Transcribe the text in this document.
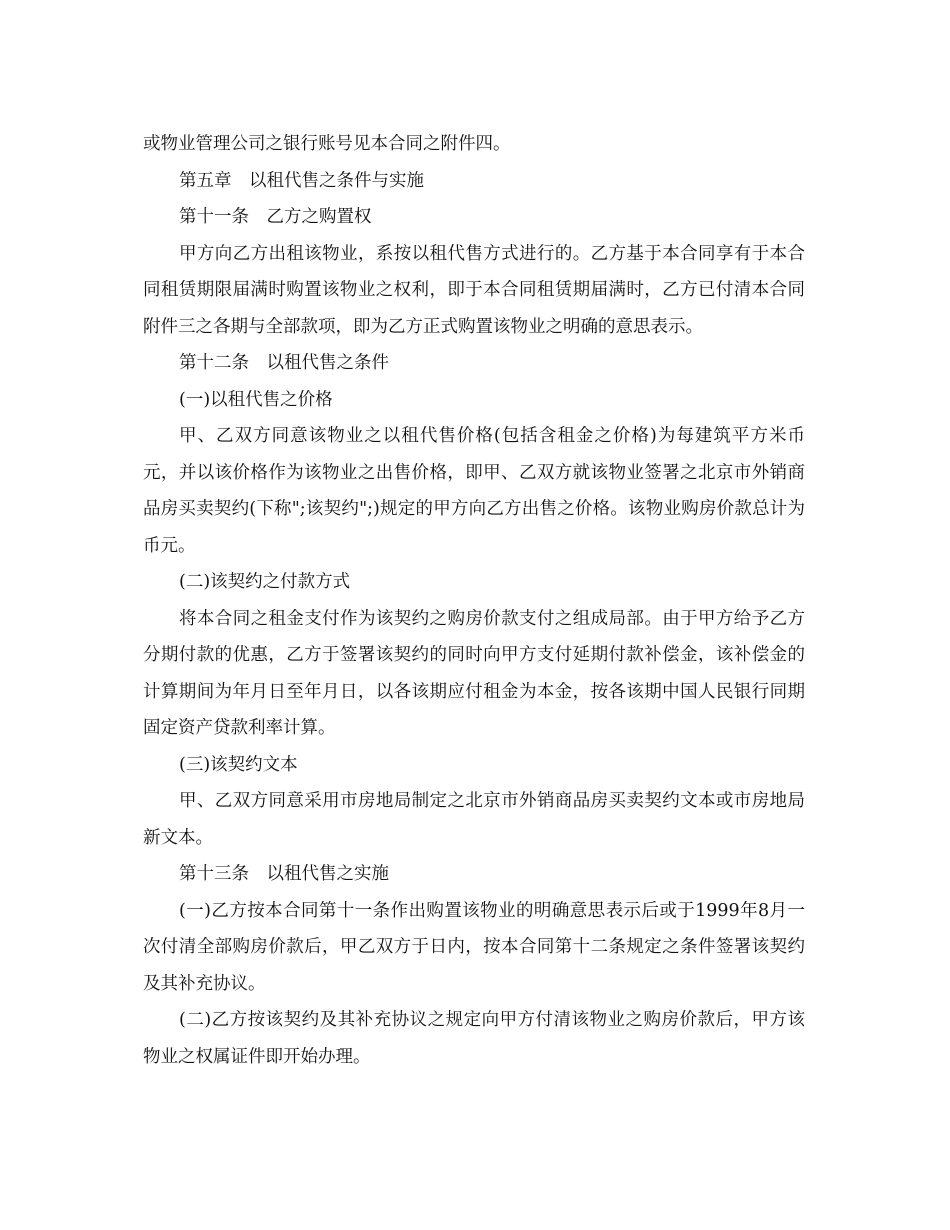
或物业管理公司之银行账号见本合同之附件四。

第五章　以租代售之条件与实施

第十一条　乙方之购置权

甲方向乙方出租该物业，系按以租代售方式进行的。乙方基于本合同享有于本合同租赁期限届满时购置该物业之权利，即于本合同租赁期届满时，乙方已付清本合同附件三之各期与全部款项，即为乙方正式购置该物业之明确的意思表示。

第十二条　以租代售之条件

(一)以租代售之价格

甲、乙双方同意该物业之以租代售价格(包括含租金之价格)为每建筑平方米币元，并以该价格作为该物业之出售价格，即甲、乙双方就该物业签署之北京市外销商品房买卖契约(下称";该契约";)规定的甲方向乙方出售之价格。该物业购房价款总计为币元。

(二)该契约之付款方式

将本合同之租金支付作为该契约之购房价款支付之组成局部。由于甲方给予乙方分期付款的优惠，乙方于签署该契约的同时向甲方支付延期付款补偿金，该补偿金的计算期间为年月日至年月日，以各该期应付租金为本金，按各该期中国人民银行同期固定资产贷款利率计算。

(三)该契约文本

甲、乙双方同意采用市房地局制定之北京市外销商品房买卖契约文本或市房地局新文本。

第十三条　以租代售之实施

(一)乙方按本合同第十一条作出购置该物业的明确意思表示后或于1999年8月一次付清全部购房价款后，甲乙双方于日内，按本合同第十二条规定之条件签署该契约及其补充协议。

(二)乙方按该契约及其补充协议之规定向甲方付清该物业之购房价款后，甲方该物业之权属证件即开始办理。
